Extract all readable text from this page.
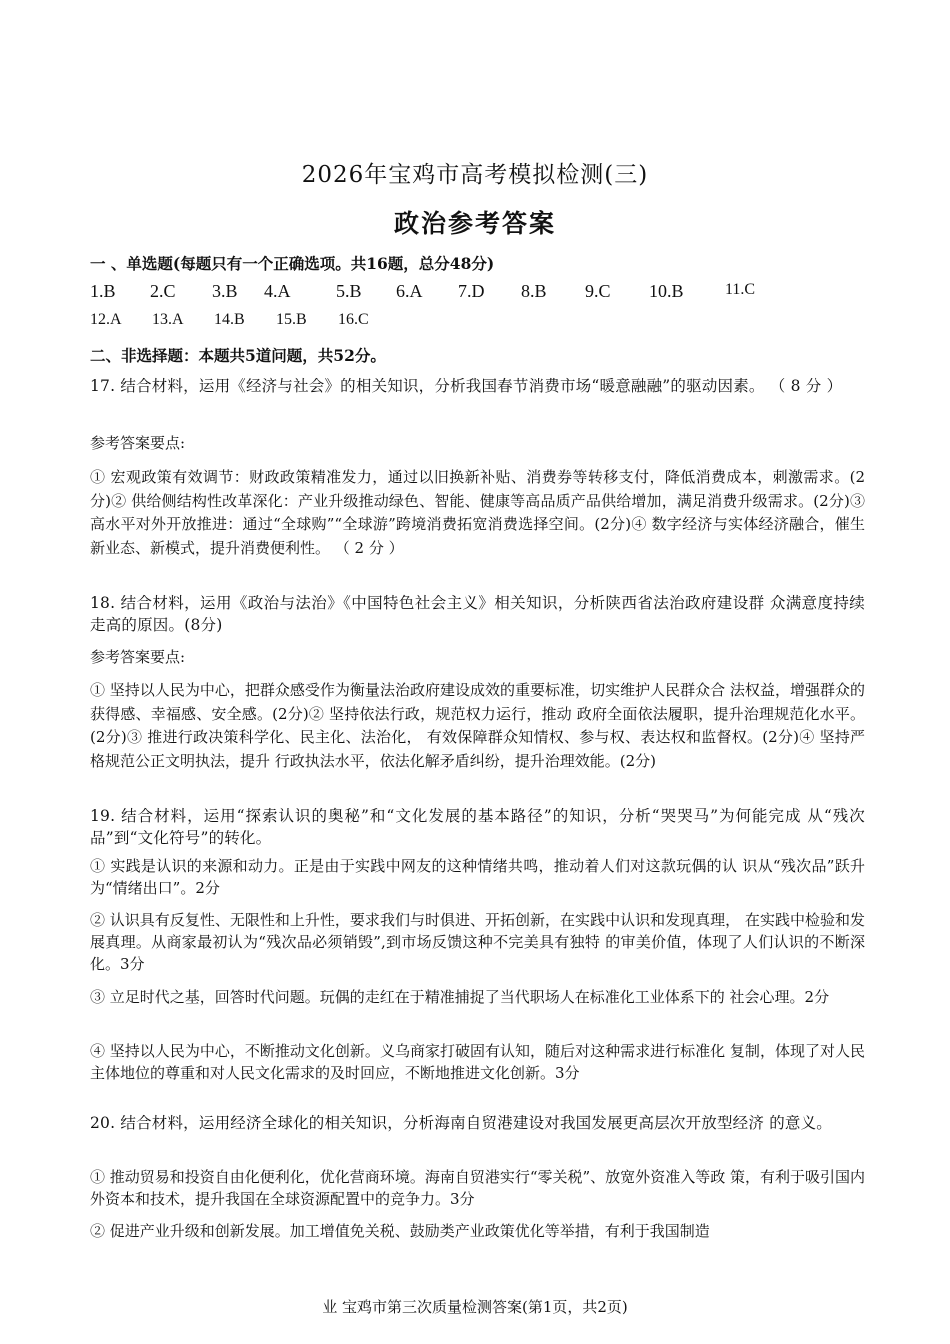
2026年宝鸡市高考模拟检测(三)
政治参考答案
一 、单选题(每题只有一个正确选项。共16题，总分48分)
1.B	2.C	3.B	4.A	5.B	6.A	7.D	8.B	9.C	10.B	11.C
12.A	13.A	14.B	15.B	16.C
二、非选择题：本题共5道问题，共52分。
17. 结合材料，运用《经济与社会》的相关知识，分析我国春节消费市场“暖意融融”的驱动因素。 （ 8 分 ）
参考答案要点:
① 宏观政策有效调节：财政政策精准发力，通过以旧换新补贴、消费券等转移支付，降低消费成本，刺激需求。(2分)② 供给侧结构性改革深化：产业升级推动绿色、智能、健康等高品质产品供给增加，满足消费升级需求。(2分)③ 高水平对外开放推进：通过“全球购”“全球游”跨境消费拓宽消费选择空间。(2分)④ 数字经济与实体经济融合，催生新业态、新模式，提升消费便利性。 （ 2 分 ）
18. 结合材料，运用《政治与法治》《中国特色社会主义》相关知识，分析陕西省法治政府建设群 众满意度持续走高的原因。(8分)
参考答案要点:
① 坚持以人民为中心，把群众感受作为衡量法治政府建设成效的重要标准，切实维护人民群众合 法权益，增强群众的获得感、幸福感、安全感。(2分)② 坚持依法行政，规范权力运行，推动 政府全面依法履职，提升治理规范化水平。(2分)③ 推进行政决策科学化、民主化、法治化， 有效保障群众知情权、参与权、表达权和监督权。(2分)④ 坚持严格规范公正文明执法，提升 行政执法水平，依法化解矛盾纠纷，提升治理效能。(2分)
19. 结合材料，运用“探索认识的奥秘”和“文化发展的基本路径”的知识，分析“哭哭马”为何能完成 从“残次品”到“文化符号”的转化。
① 实践是认识的来源和动力。正是由于实践中网友的这种情绪共鸣，推动着人们对这款玩偶的认 识从“残次品”跃升为“情绪出口”。2分
② 认识具有反复性、无限性和上升性，要求我们与时俱进、开拓创新，在实践中认识和发现真理， 在实践中检验和发展真理。从商家最初认为“残次品必须销毁”,到市场反馈这种不完美具有独特 的审美价值，体现了人们认识的不断深化。3分
③ 立足时代之基，回答时代问题。玩偶的走红在于精准捕捉了当代职场人在标准化工业体系下的 社会心理。2分
④ 坚持以人民为中心，不断推动文化创新。义乌商家打破固有认知，随后对这种需求进行标准化 复制，体现了对人民主体地位的尊重和对人民文化需求的及时回应，不断地推进文化创新。3分
20. 结合材料，运用经济全球化的相关知识，分析海南自贸港建设对我国发展更高层次开放型经济 的意义。
① 推动贸易和投资自由化便利化，优化营商环境。海南自贸港实行“零关税”、放宽外资准入等政 策，有利于吸引国内外资本和技术，提升我国在全球资源配置中的竞争力。3分
② 促进产业升级和创新发展。加工增值免关税、鼓励类产业政策优化等举措，有利于我国制造
业 宝鸡市第三次质量检测答案(第1页，共2页)
